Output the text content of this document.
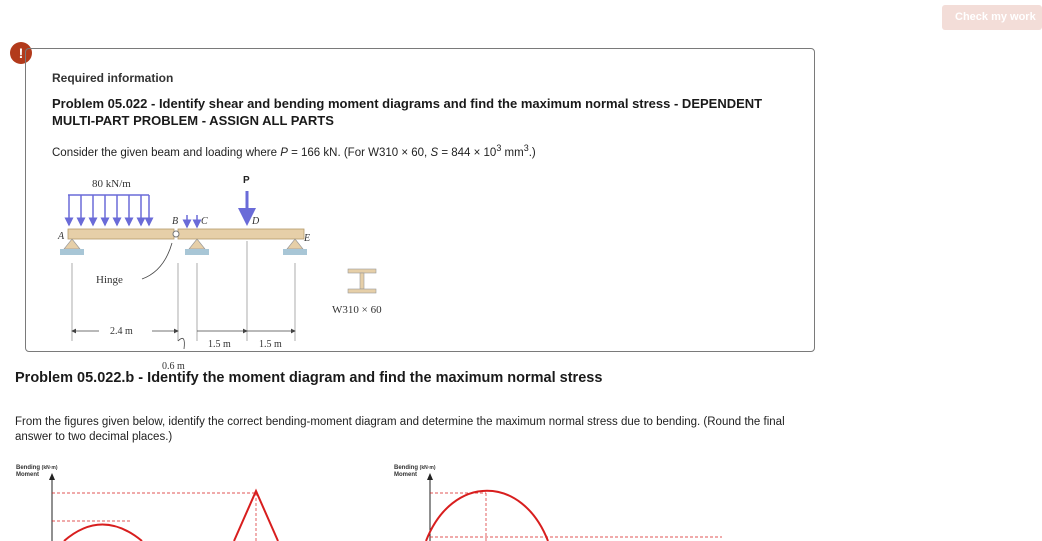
Check my work
!
Required information
Problem 05.022 - Identify shear and bending moment diagrams and find the maximum normal stress - DEPENDENT MULTI-PART PROBLEM - ASSIGN ALL PARTS
Consider the given beam and loading where P = 166 kN. (For W310 × 60, $S = 844 \times 10^3$ $mm^3$.)
80 kN/m	P
A
B C	D
E
Hinge
2.4 m
1.5 m	1.5 m
0.6 m
W310 × 60
Problem 05.022.b - Identify the moment diagram and find the maximum normal stress
From the figures given below, identify the correct bending-moment diagram and determine the maximum normal stress due to bending. (Round the final answer to two decimal places.)
Bending (kN·m)
Moment
Bending (kN·m)
Moment
